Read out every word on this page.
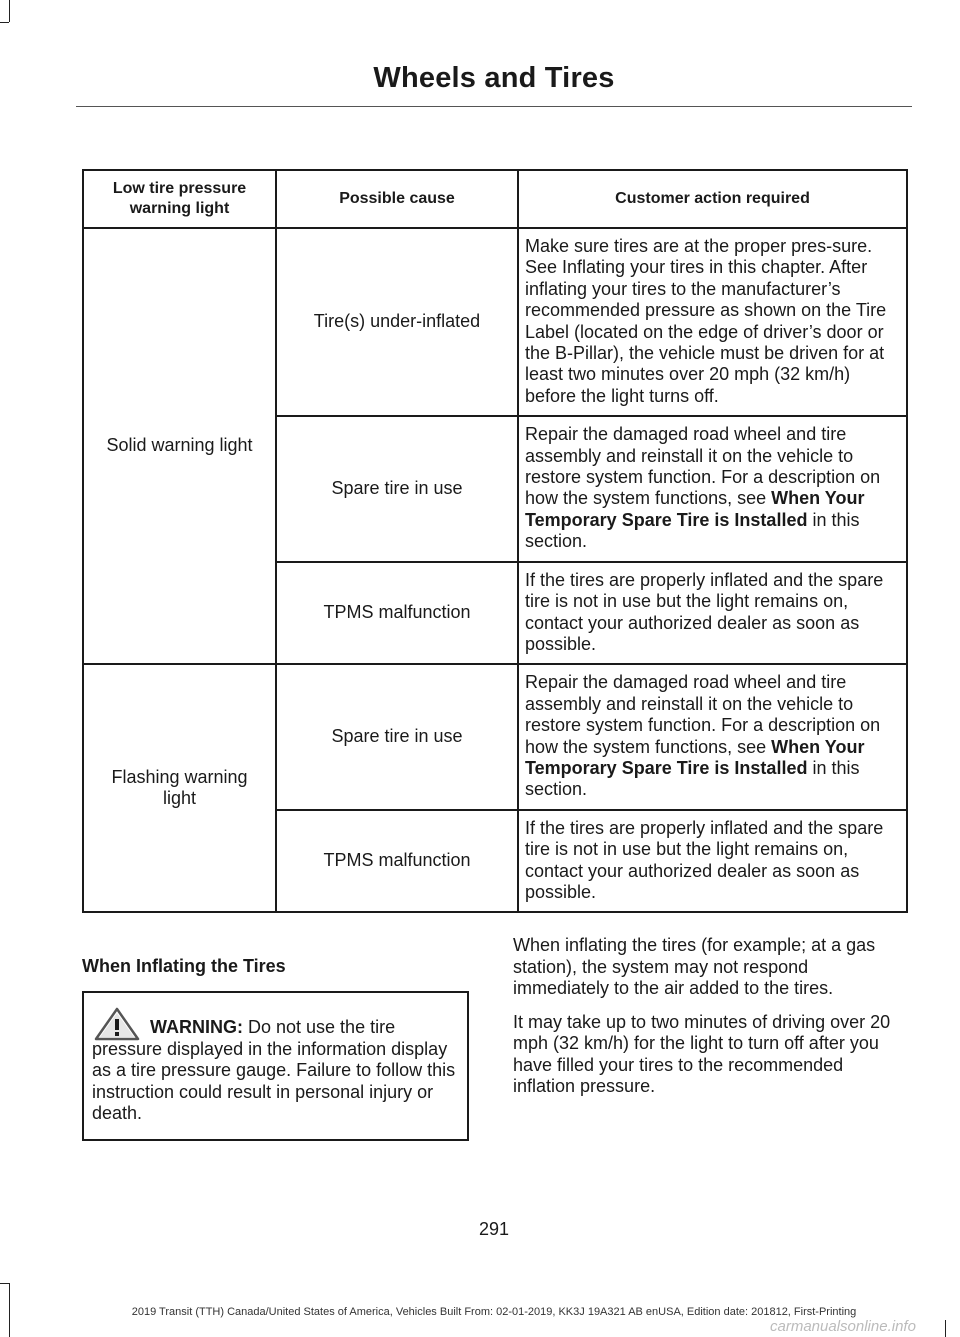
Wheels and Tires
Low tire pressure warning light	Possible cause	Customer action required
Solid warning light	Tire(s) under-inflated	Make sure tires are at the proper pres-sure. See Inflating your tires in this chapter. After inflating your tires to the manufacturer’s recommended pressure as shown on the Tire Label (located on the edge of driver’s door or the B-Pillar), the vehicle must be driven for at least two minutes over 20 mph (32 km/h) before the light turns off.
	Spare tire in use	Repair the damaged road wheel and tire assembly and reinstall it on the vehicle to restore system function. For a description on how the system functions, see When Your Temporary Spare Tire is Installed in this section.
	TPMS malfunction	If the tires are properly inflated and the spare tire is not in use but the light remains on, contact your authorized dealer as soon as possible.
Flashing warning light	Spare tire in use	Repair the damaged road wheel and tire assembly and reinstall it on the vehicle to restore system function. For a description on how the system functions, see When Your Temporary Spare Tire is Installed in this section.
	TPMS malfunction	If the tires are properly inflated and the spare tire is not in use but the light remains on, contact your authorized dealer as soon as possible.
When Inflating the Tires
WARNING: Do not use the tire pressure displayed in the information display as a tire pressure gauge. Failure to follow this instruction could result in personal injury or death.

When inflating the tires (for example; at a gas station), the system may not respond immediately to the air added to the tires.

It may take up to two minutes of driving over 20 mph (32 km/h) for the light to turn off after you have filled your tires to the recommended inflation pressure.

291
2019 Transit (TTH) Canada/United States of America, Vehicles Built From: 02-01-2019, KK3J 19A321 AB enUSA, Edition date: 201812, First-Printing
carmanualsonline.info
